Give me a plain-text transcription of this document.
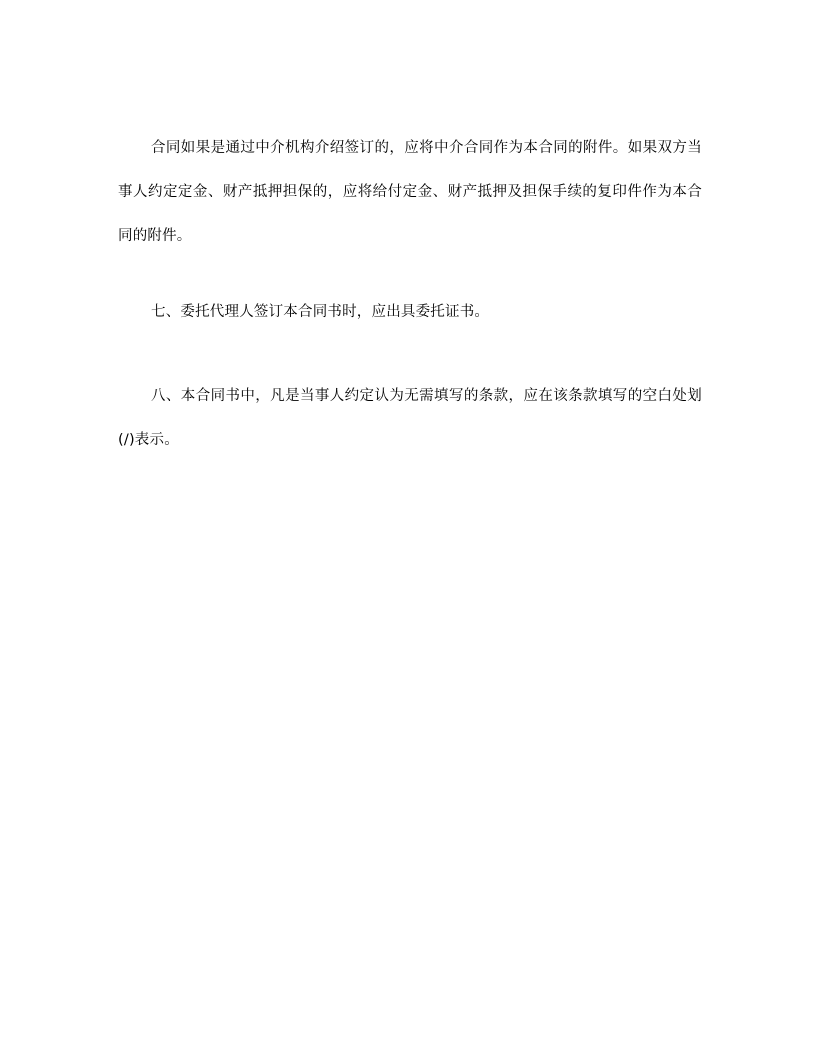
合同如果是通过中介机构介绍签订的，应将中介合同作为本合同的附件。如果双方当事人约定定金、财产抵押担保的，应将给付定金、财产抵押及担保手续的复印件作为本合同的附件。

七、委托代理人签订本合同书时，应出具委托证书。

八、本合同书中，凡是当事人约定认为无需填写的条款，应在该条款填写的空白处划(/)表示。
